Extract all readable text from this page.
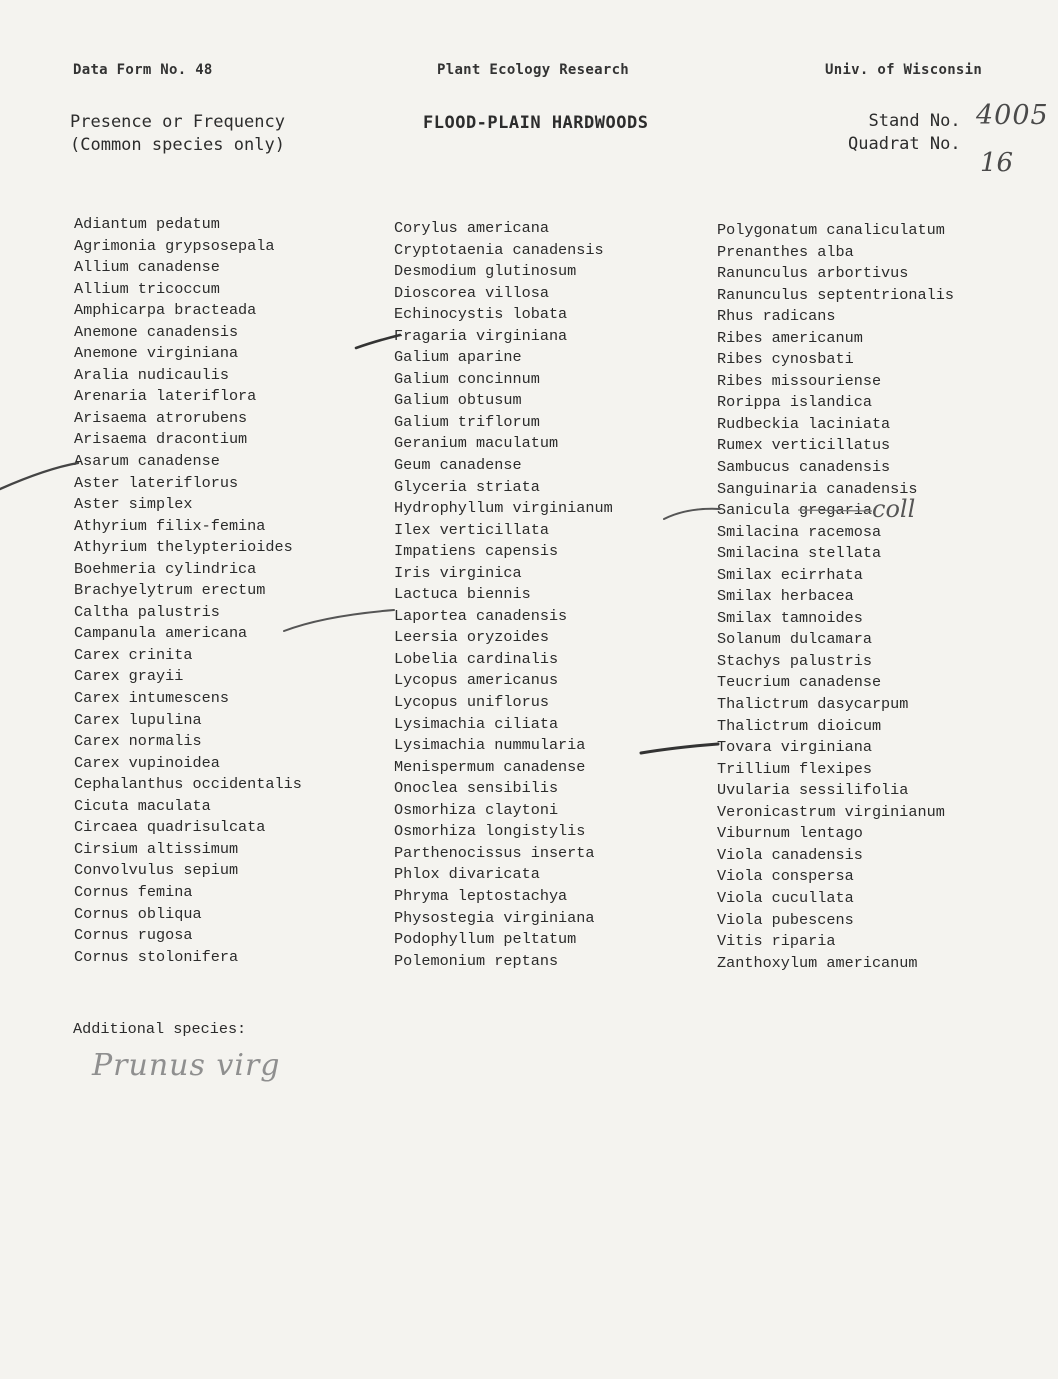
Data Form No. 48	Plant Ecology Research	Univ. of Wisconsin
Presence or Frequency
(Common species only)
FLOOD-PLAIN HARDWOODS	Stand No.
Quadrat No.
4005
16
Adiantum pedatum
Agrimonia grypsosepala
Allium canadense
Allium tricoccum
Amphicarpa bracteada
Anemone canadensis
Anemone virginiana
Aralia nudicaulis
Arenaria lateriflora
Arisaema atrorubens
Arisaema dracontium
Asarum canadense
Aster lateriflorus
Aster simplex
Athyrium filix-femina
Athyrium thelypterioides
Boehmeria cylindrica
Brachyelytrum erectum
Caltha palustris
Campanula americana
Carex crinita
Carex grayii
Carex intumescens
Carex lupulina
Carex normalis
Carex vupinoidea
Cephalanthus occidentalis
Cicuta maculata
Circaea quadrisulcata
Cirsium altissimum
Convolvulus sepium
Cornus femina
Cornus obliqua
Cornus rugosa
Cornus stolonifera
Corylus americana
Cryptotaenia canadensis
Desmodium glutinosum
Dioscorea villosa
Echinocystis lobata
Fragaria virginiana
Galium aparine
Galium concinnum
Galium obtusum
Galium triflorum
Geranium maculatum
Geum canadense
Glyceria striata
Hydrophyllum virginianum
Ilex verticillata
Impatiens capensis
Iris virginica
Lactuca biennis
Laportea canadensis
Leersia oryzoides
Lobelia cardinalis
Lycopus americanus
Lycopus uniflorus
Lysimachia ciliata
Lysimachia nummularia
Menispermum canadense
Onoclea sensibilis
Osmorhiza claytoni
Osmorhiza longistylis
Parthenocissus inserta
Phlox divaricata
Phryma leptostachya
Physostegia virginiana
Podophyllum peltatum
Polemonium reptans
Polygonatum canaliculatum
Prenanthes alba
Ranunculus arbortivus
Ranunculus septentrionalis
Rhus radicans
Ribes americanum
Ribes cynosbati
Ribes missouriense
Rorippa islandica
Rudbeckia laciniata
Rumex verticillatus
Sambucus canadensis
Sanguinaria canadensis
Sanicula gregaria
Smilacina racemosa
Smilacina stellata
Smilax ecirrhata
Smilax herbacea
Smilax tamnoides
Solanum dulcamara
Stachys palustris
Teucrium canadense
Thalictrum dasycarpum
Thalictrum dioicum
Tovara virginiana
Trillium flexipes
Uvularia sessilifolia
Veronicastrum virginianum
Viburnum lentago
Viola canadensis
Viola conspersa
Viola cucullata
Viola pubescens
Vitis riparia
Zanthoxylum americanum
Additional species:
Prunus virg
coll
